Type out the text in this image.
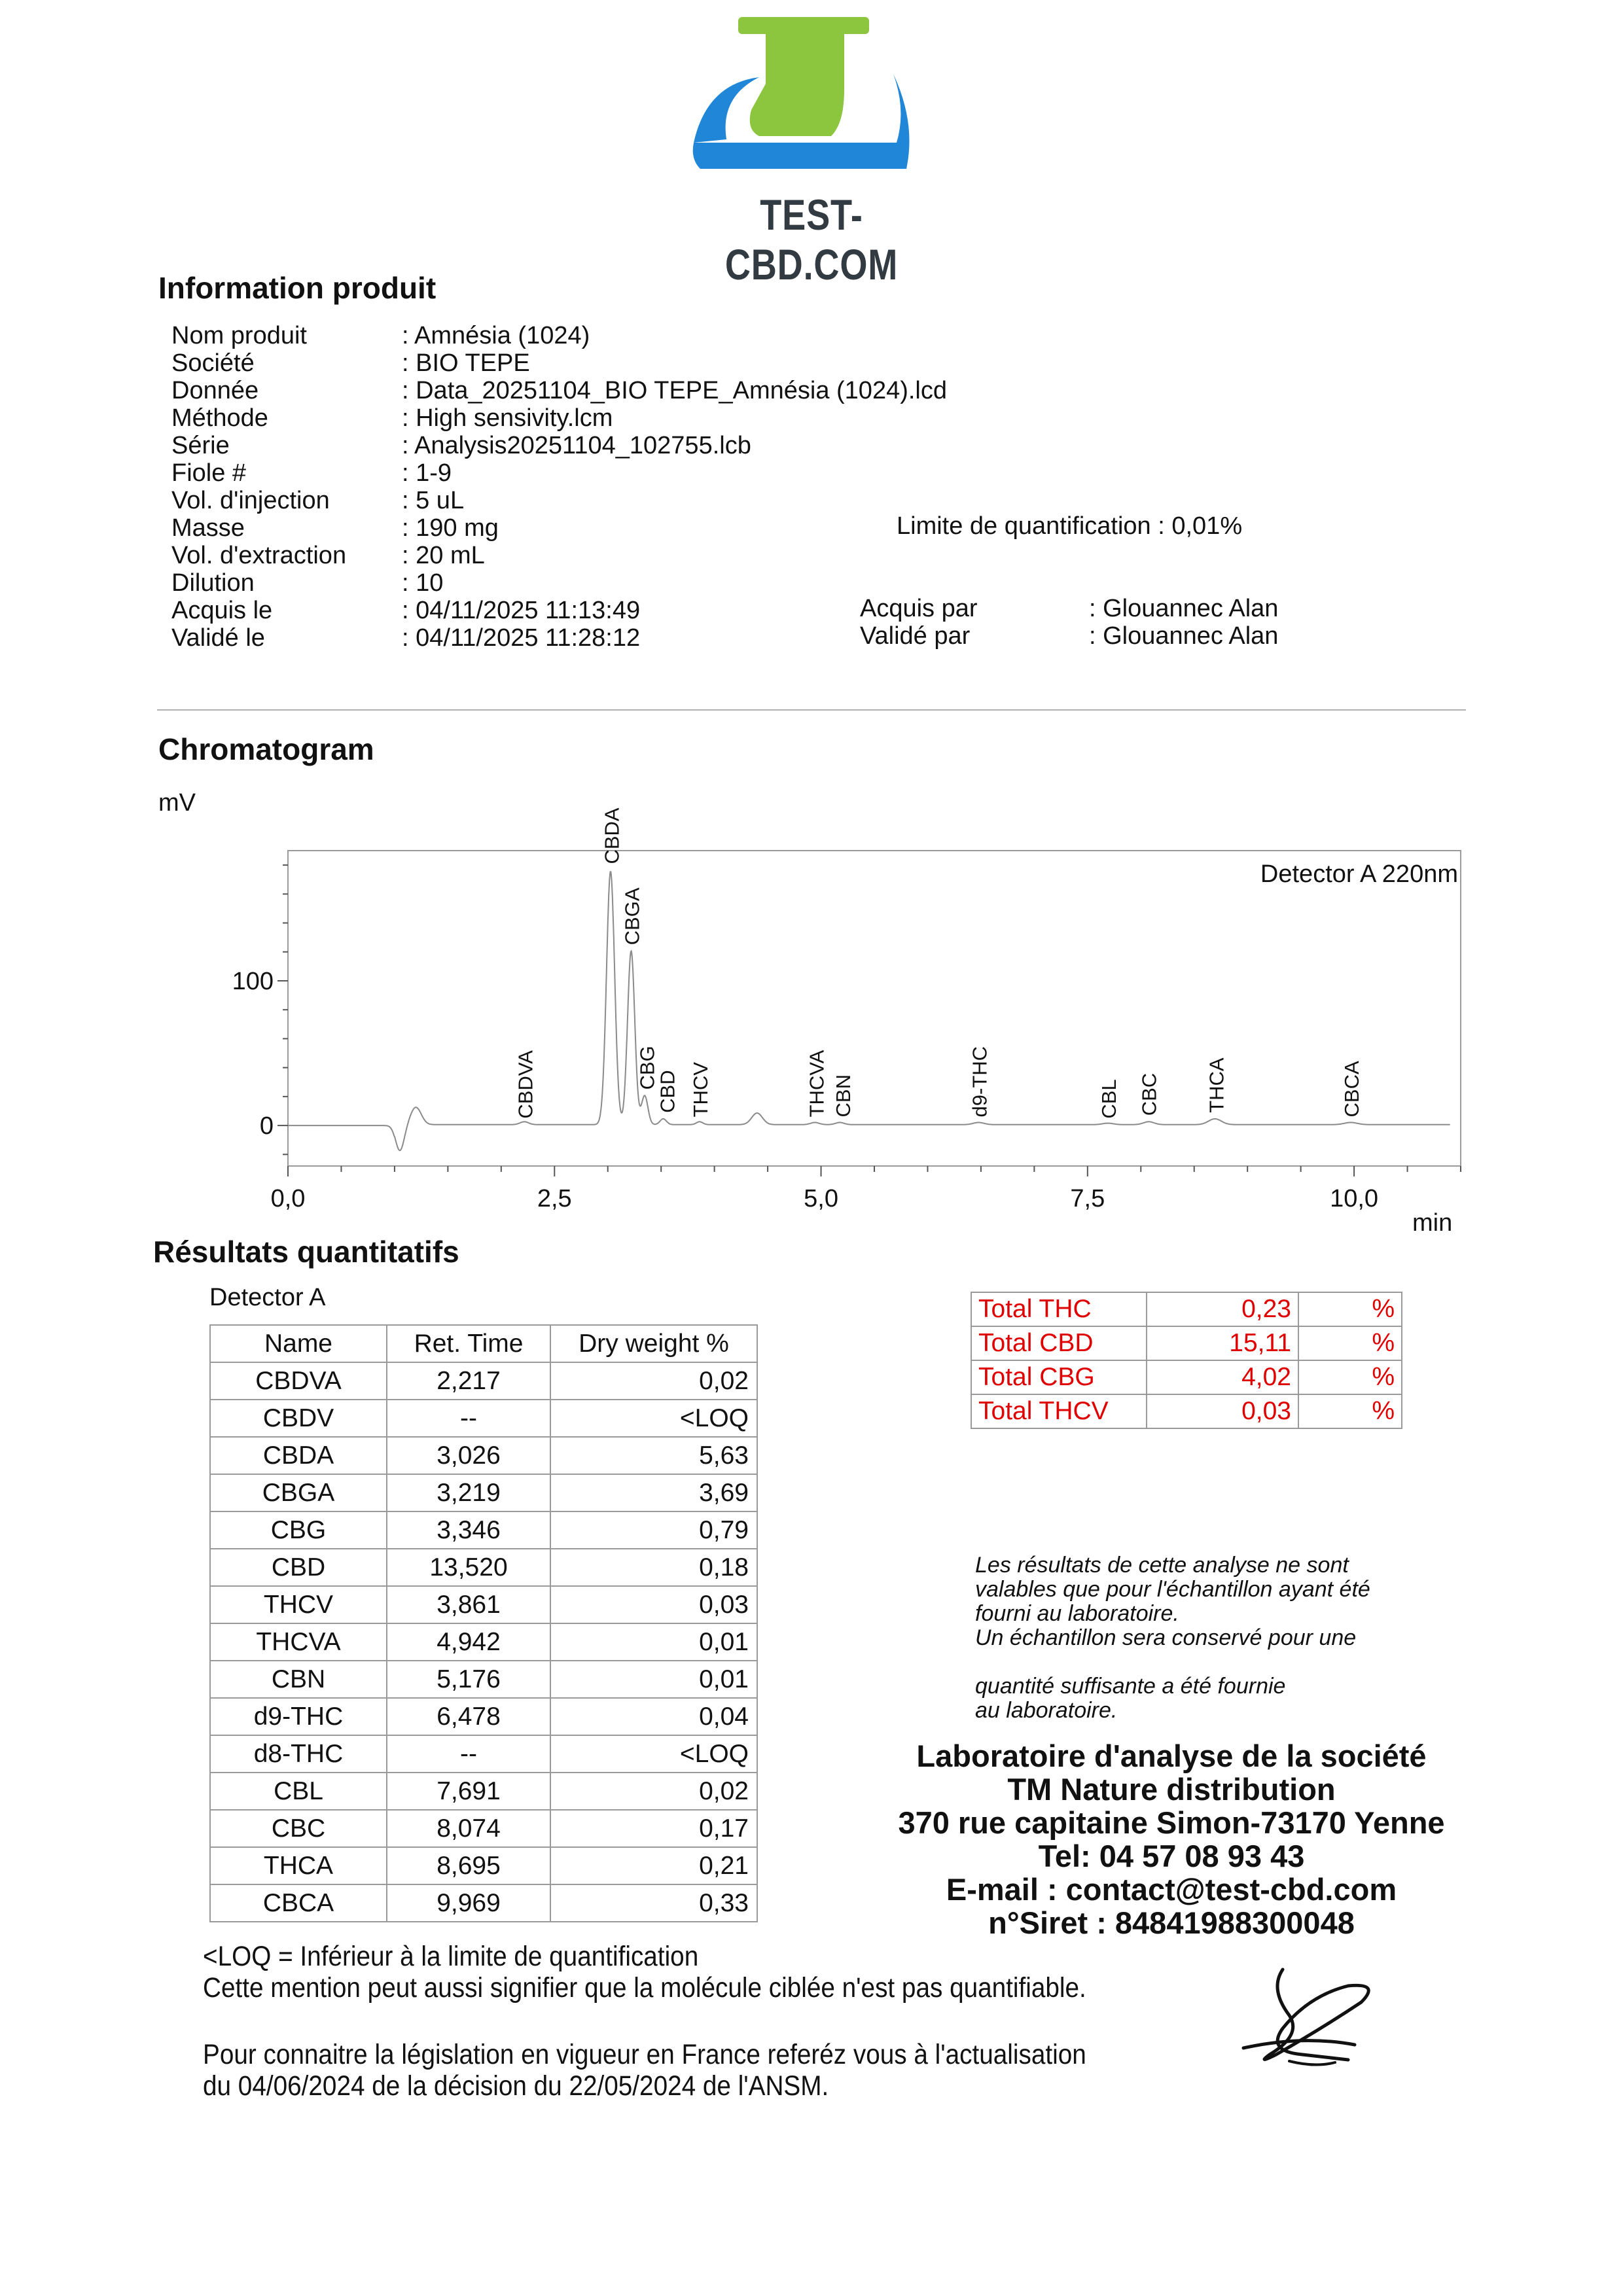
TEST-CBD.COM
Information produit
Nom produit	: Amnésia (1024)
Société	: BIO TEPE
Donnée	: Data_20251104_BIO TEPE_Amnésia (1024).lcd
Méthode	: High sensivity.lcm
Série	: Analysis20251104_102755.lcb
Fiole #	: 1-9
Vol. d'injection	: 5 uL
Masse	: 190 mg
Vol. d'extraction : 20 mL
Dilution	: 10
Acquis le	: 04/11/2025 11:13:49
Validé le	: 04/11/2025 11:28:12
Limite de quantification : 0,01%
Acquis par	: Glouannec Alan
Validé par	: Glouannec Alan
Chromatogram
mV
min
0,0	2,5	5,0	7,5	10,0
0
100
Detector A 220nm
CBDVA
CBDA
CBGA
CBG
CBD THCV	THCVA CBN	d9-THC	CBL CBC THCA	CBCA
Résultats quantitatifs
Detector A
Name	Ret. Time	Dry weight %
CBDVA	2,217	0,02
CBDV	--	<LOQ
CBDA	3,026	5,63
CBGA	3,219	3,69
CBG	3,346	0,79
CBD	13,520	0,18
THCV	3,861	0,03
THCVA	4,942	0,01
CBN	5,176	0,01
d9-THC	6,478	0,04
d8-THC	--	<LOQ
CBL	7,691	0,02
CBC	8,074	0,17
THCA	8,695	0,21
CBCA	9,969	0,33
Total THC	0,23	%
Total CBD	15,11	%
Total CBG	4,02	%
Total THCV	0,03	%
Les résultats de cette analyse ne sont
valables que pour l'échantillon ayant été
fourni au laboratoire.
Un échantillon sera conservé pour une
quantité suffisante a été fournie
au laboratoire.
Laboratoire d'analyse de la société
TM Nature distribution
370 rue capitaine Simon-73170 Yenne
Tel: 04 57 08 93 43
E-mail : contact@test-cbd.com
n°Siret : 84841988300048
<LOQ = Inférieur à la limite de quantification
Cette mention peut aussi signifier que la molécule ciblée n'est pas quantifiable.
Pour connaitre la législation en vigueur en France referéz vous à l'actualisation
du 04/06/2024 de la décision du 22/05/2024 de l'ANSM.
